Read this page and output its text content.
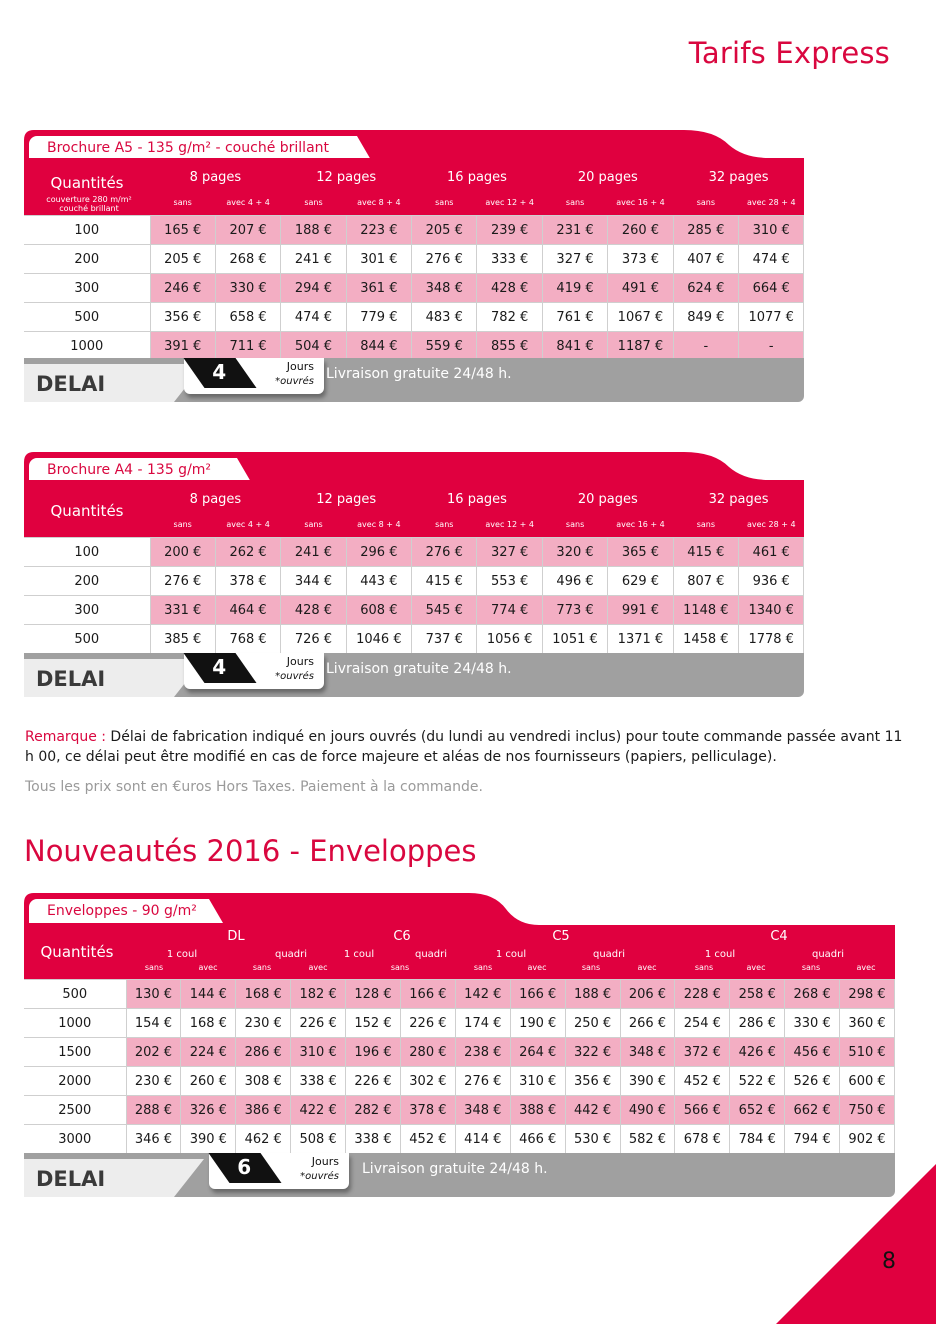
Tarifs Express
Brochure A5 - 135 g/m² - couché brillant
Quantités
couverture 280 m/m² couché brillant
8 pages	12 pages	16 pages	20 pages	32 pages
sans	avec 4 + 4	sans	avec 8 + 4	sans	avec 12 + 4	sans	avec 16 + 4	sans	avec 28 + 4
100	165 €	207 €	188 €	223 €	205 €	239 €	231 €	260 €	285 €	310 €
200	205 €	268 €	241 €	301 €	276 €	333 €	327 €	373 €	407 €	474 €
300	246 €	330 €	294 €	361 €	348 €	428 €	419 €	491 €	624 €	664 €
500	356 €	658 €	474 €	779 €	483 €	782 €	761 €	1067 €	849 €	1077 €
1000	391 €	711 €	504 €	844 €	559 €	855 €	841 €	1187 €	-	-
DELAI	4	Jours
*ouvrés Livraison gratuite 24/48 h.
Brochure A4 - 135 g/m²
Quantités
8 pages	12 pages	16 pages	20 pages	32 pages
sans	avec 4 + 4	sans	avec 8 + 4	sans	avec 12 + 4	sans	avec 16 + 4	sans	avec 28 + 4
100	200 €	262 €	241 €	296 €	276 €	327 €	320 €	365 €	415 €	461 €
200	276 €	378 €	344 €	443 €	415 €	553 €	496 €	629 €	807 €	936 €
300	331 €	464 €	428 €	608 €	545 €	774 €	773 €	991 €	1148 €	1340 €
500	385 €	768 €	726 €	1046 €	737 €	1056 €	1051 €	1371 €	1458 €	1778 €
DELAI	4	Jours
*ouvrés Livraison gratuite 24/48 h.
Remarque : Délai de fabrication indiqué en jours ouvrés (du lundi au vendredi inclus) pour toute commande passée avant 11 h 00, ce délai peut être modifié en cas de force majeure et aléas de nos fournisseurs (papiers, pelliculage).
Tous les prix sont en €uros Hors Taxes. Paiement à la commande.
Nouveautés 2016 - Enveloppes
Enveloppes - 90 g/m²
Quantités
DL	C6	C5	C4
1 coul	quadri	1 coul	quadri	1 coul	quadri	1 coul	quadri
sans	avec	sans	avec	sans	sans	avec	sans	avec	sans	avec	sans	avec
500	130 €	144 €	168 €	182 €	128 €	166 €	142 €	166 €	188 €	206 €	228 €	258 €	268 €	298 €
1000	154 €	168 €	230 €	226 €	152 €	226 €	174 €	190 €	250 €	266 €	254 €	286 €	330 €	360 €
1500	202 €	224 €	286 €	310 €	196 €	280 €	238 €	264 €	322 €	348 €	372 €	426 €	456 €	510 €
2000	230 €	260 €	308 €	338 €	226 €	302 €	276 €	310 €	356 €	390 €	452 €	522 €	526 €	600 €
2500	288 €	326 €	386 €	422 €	282 €	378 €	348 €	388 €	442 €	490 €	566 €	652 €	662 €	750 €
3000	346 €	390 €	462 €	508 €	338 €	452 €	414 €	466 €	530 €	582 €	678 €	784 €	794 €	902 €
DELAI	6	Jours
*ouvrés Livraison gratuite 24/48 h.
8
